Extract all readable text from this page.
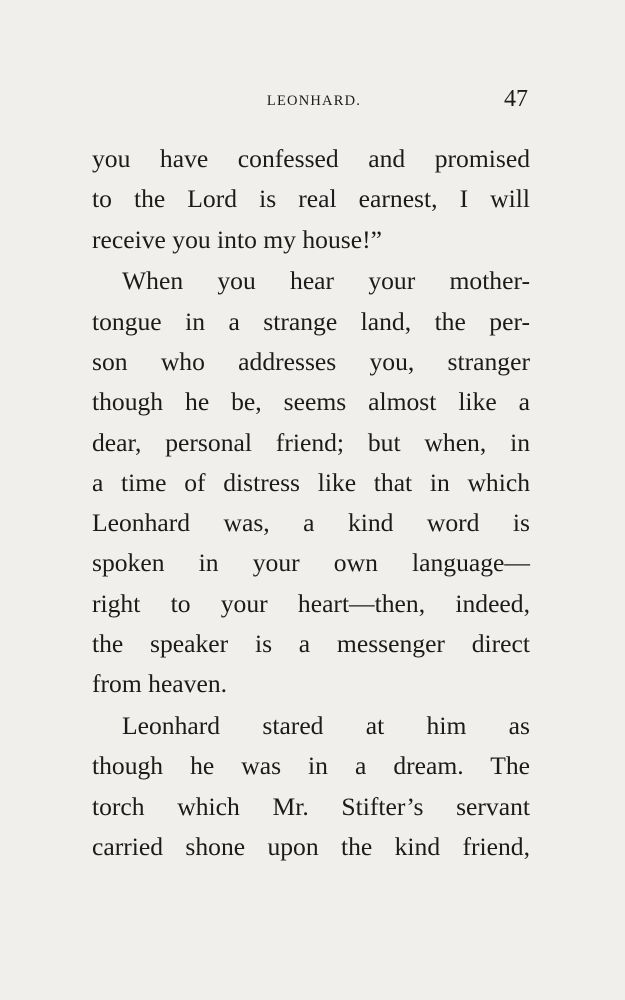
LEONHARD.	47
you have confessed and promised
to the Lord is real earnest, I will
receive you into my house!”
When you hear your mother-
tongue in a strange land, the per-
son who addresses you, stranger
though he be, seems almost like a
dear, personal friend; but when, in
a time of distress like that in which
Leonhard was, a kind word is
spoken in your own language—
right to your heart—then, indeed,
the speaker is a messenger direct
from heaven.
Leonhard stared at him as
though he was in a dream. The
torch which Mr. Stifter’s servant
carried shone upon the kind friend,
